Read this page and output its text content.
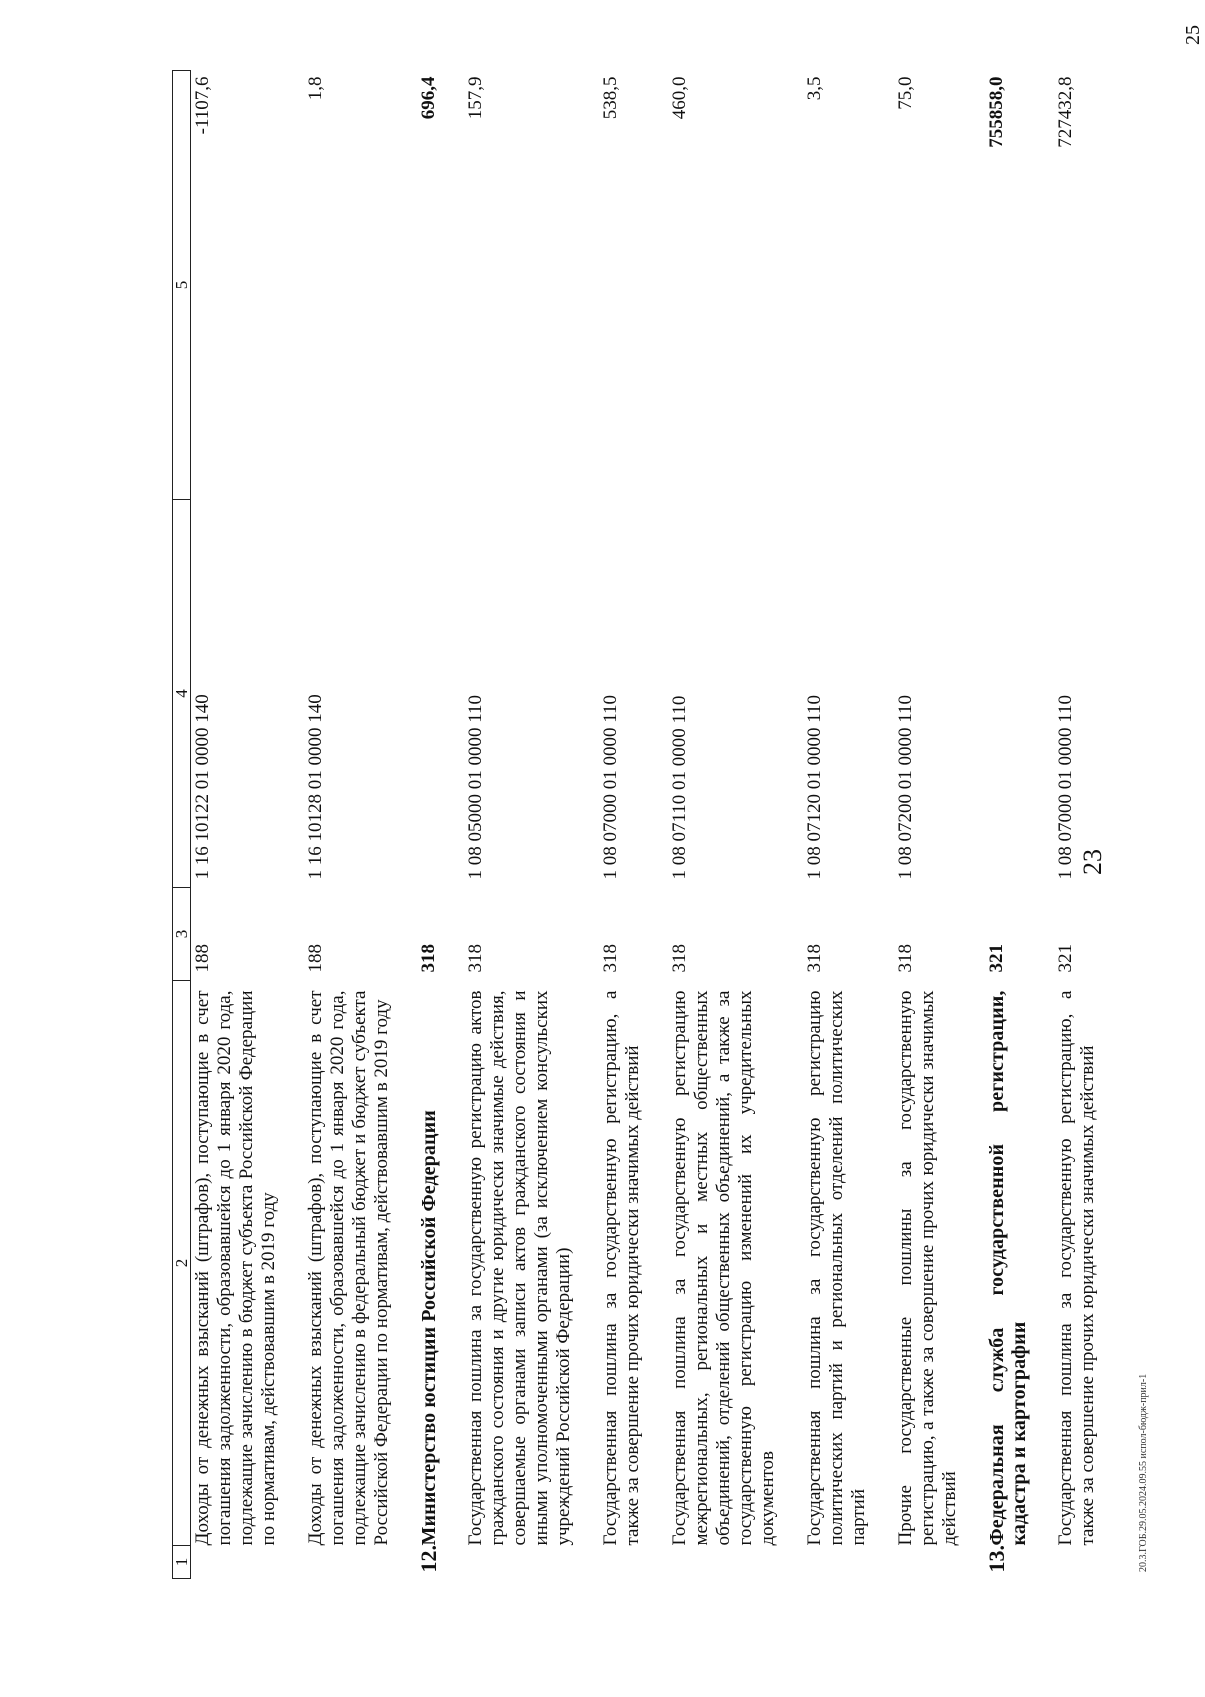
23
1	2	3	4	5
	Доходы от денежных взысканий (штрафов), поступающие в счет погашения задолженности, образовавшейся до 1 января 2020 года, подлежащие зачислению в бюджет субъекта Российской Федерации по нормативам, действовавшим в 2019 году	188	1 16 10122 01 0000 140	-1107,6
	Доходы от денежных взысканий (штрафов), поступающие в счет погашения задолженности, образовавшейся до 1 января 2020 года, подлежащие зачислению в федеральный бюджет и бюджет субъекта Российской Федерации по нормативам, действовавшим в 2019 году	188	1 16 10128 01 0000 140	1,8
12.	Министерство юстиции Российской Федерации	318		696,4
	Государственная пошлина за государственную регистрацию актов гражданского состояния и другие юридически значимые действия, совершаемые органами записи актов гражданского состояния и иными уполномоченными органами (за исключением консульских учреждений Российской Федерации)	318	1 08 05000 01 0000 110	157,9
	Государственная пошлина за государственную регистрацию, а также за совершение прочих юридически значимых действий	318	1 08 07000 01 0000 110	538,5
	Государственная пошлина за государственную регистрацию межрегиональных, региональных и местных общественных объединений, отделений общественных объединений, а также за государственную регистрацию изменений их учредительных документов	318	1 08 07110 01 0000 110	460,0
	Государственная пошлина за государственную регистрацию политических партий и региональных отделений политических партий	318	1 08 07120 01 0000 110	3,5
	Прочие государственные пошлины за государственную регистрацию, а также за совершение прочих юридически значимых действий	318	1 08 07200 01 0000 110	75,0
13.	Федеральная служба государственной регистрации, кадастра и картографии	321		755858,0
	Государственная пошлина за государственную регистрацию, а также за совершение прочих юридически значимых действий	321	1 08 07000 01 0000 110	727432,8
20.3.ГОБ.29.05.2024.09.55 испол-бюдж-прил-1
25
